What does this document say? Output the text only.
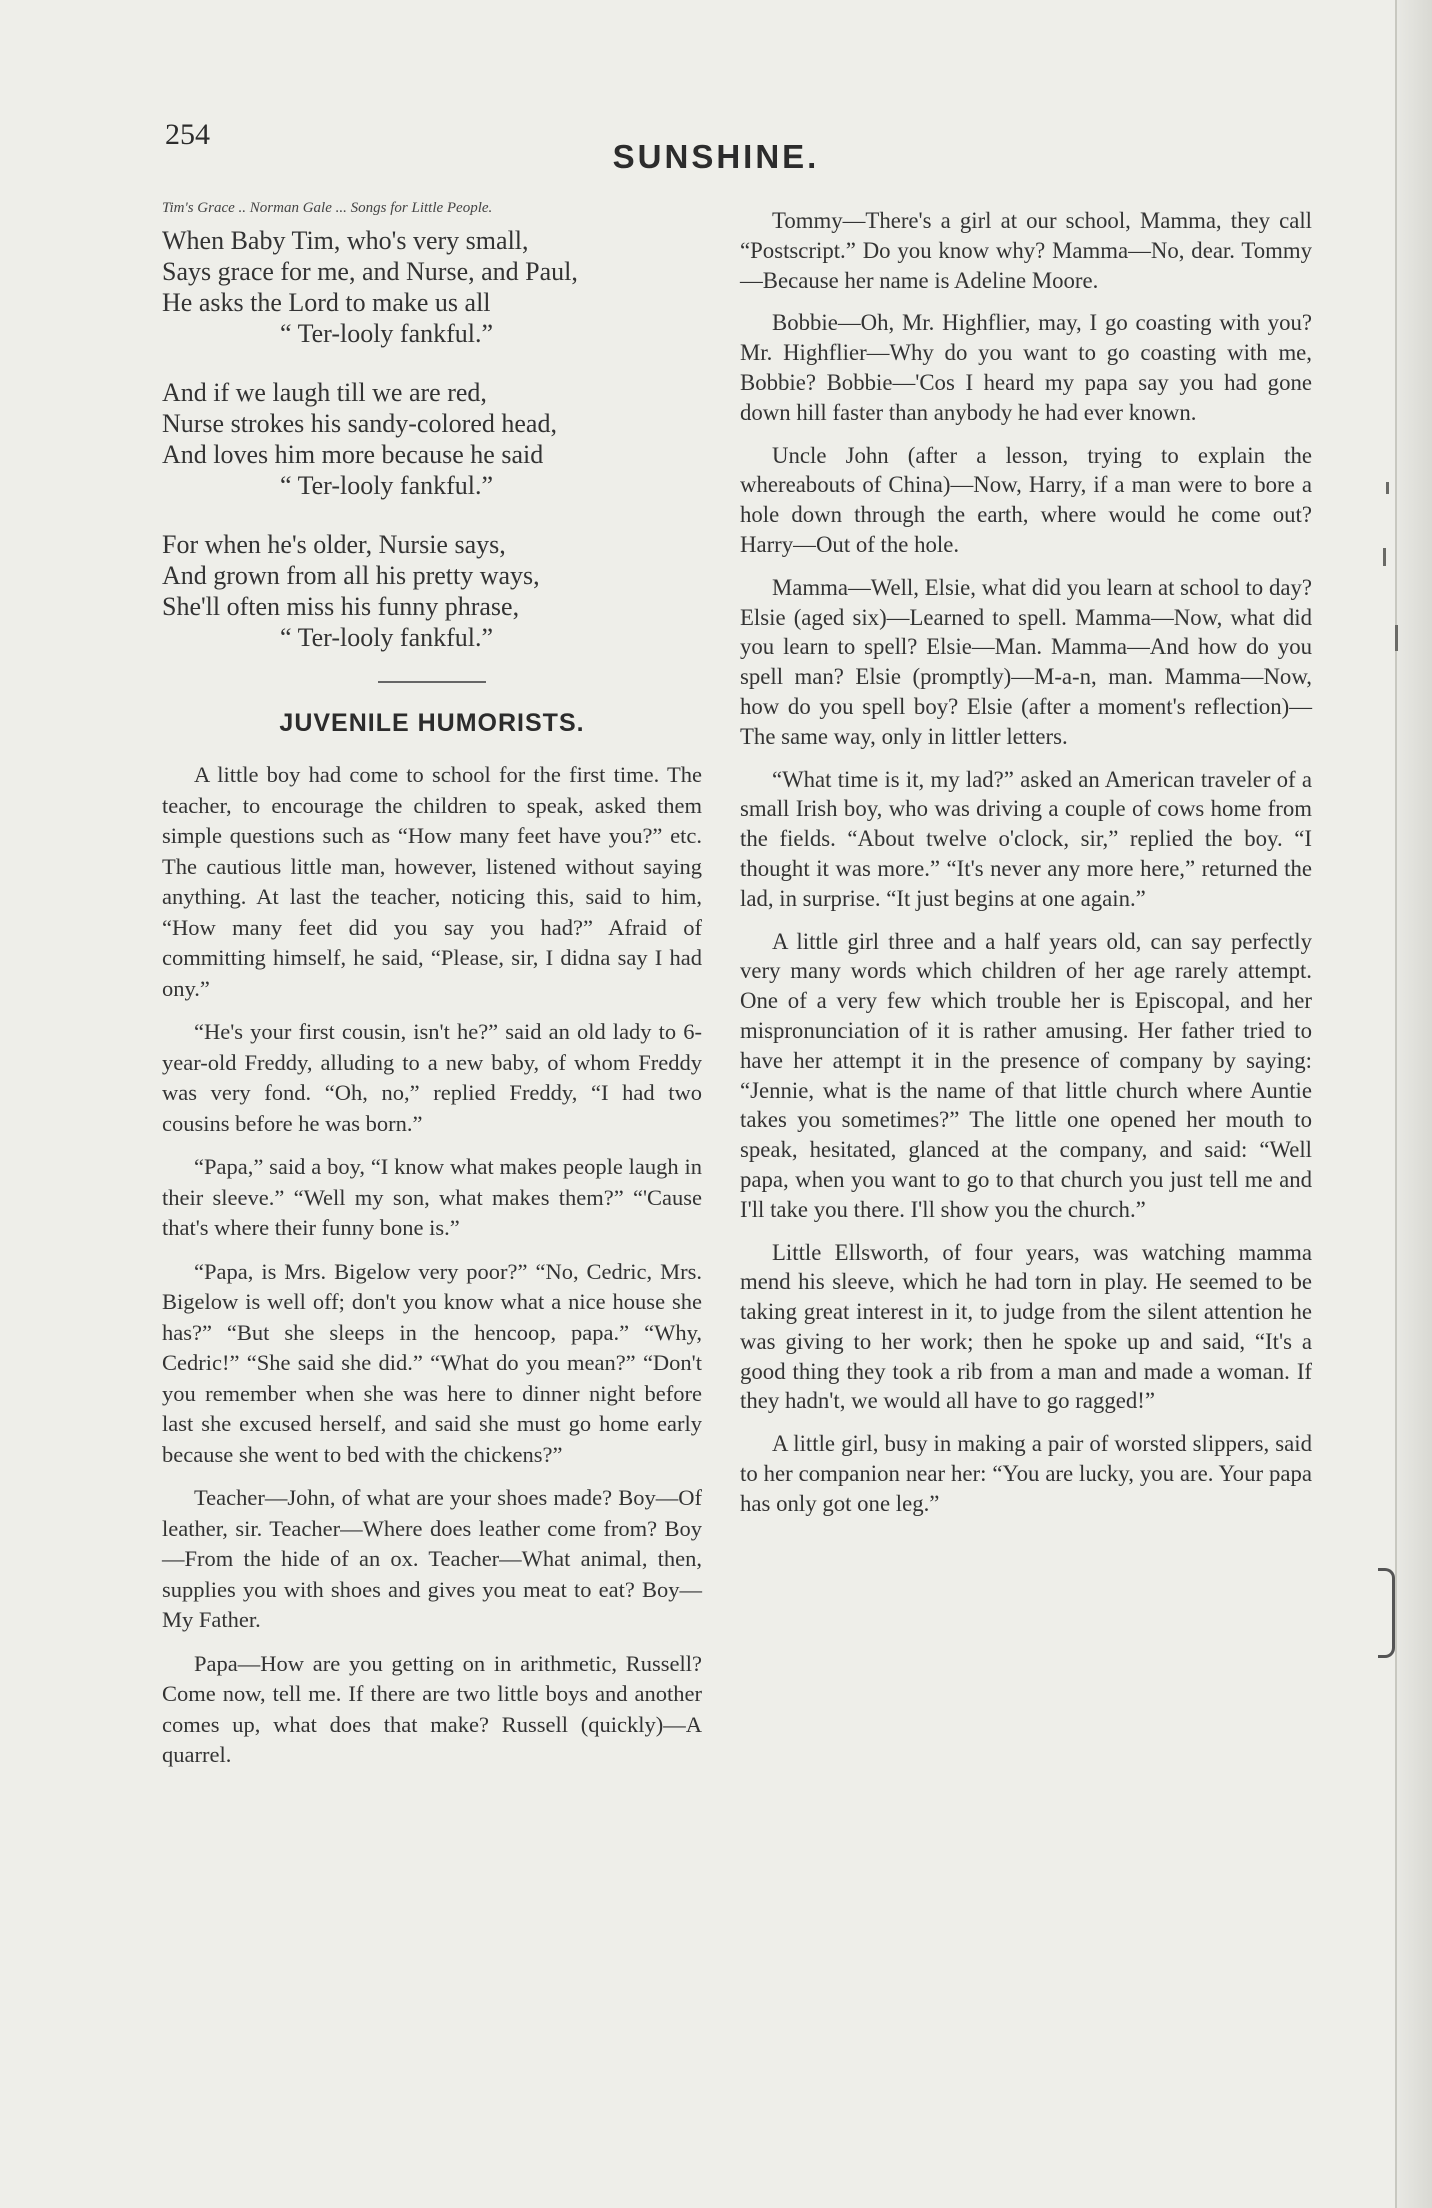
254
SUNSHINE.
Tim's Grace .. Norman Gale ... Songs for Little People.
When Baby Tim, who's very small,
Says grace for me, and Nurse, and Paul,
He asks the Lord to make us all
“ Ter-looly fankful.”
And if we laugh till we are red,
Nurse strokes his sandy-colored head,
And loves him more because he said
“ Ter-looly fankful.”
For when he's older, Nursie says,
And grown from all his pretty ways,
She'll often miss his funny phrase,
“ Ter-looly fankful.”
JUVENILE HUMORISTS.

A little boy had come to school for the first time. The teacher, to encourage the children to speak, asked them simple questions such as “How many feet have you?” etc. The cautious little man, however, listened without saying anything. At last the teacher, noticing this, said to him, “How many feet did you say you had?” Afraid of committing himself, he said, “Please, sir, I didna say I had ony.”

“He's your first cousin, isn't he?” said an old lady to 6-year-old Freddy, alluding to a new baby, of whom Freddy was very fond. “Oh, no,” replied Freddy, “I had two cousins before he was born.”

“Papa,” said a boy, “I know what makes people laugh in their sleeve.” “Well my son, what makes them?” “'Cause that's where their funny bone is.”

“Papa, is Mrs. Bigelow very poor?” “No, Cedric, Mrs. Bigelow is well off; don't you know what a nice house she has?” “But she sleeps in the hencoop, papa.” “Why, Cedric!” “She said she did.” “What do you mean?” “Don't you remember when she was here to dinner night before last she excused herself, and said she must go home early because she went to bed with the chickens?”

Teacher—John, of what are your shoes made? Boy—Of leather, sir. Teacher—Where does leather come from? Boy—From the hide of an ox. Teacher—What animal, then, supplies you with shoes and gives you meat to eat? Boy—My Father.

Papa—How are you getting on in arithmetic, Russell? Come now, tell me. If there are two little boys and another comes up, what does that make? Russell (quickly)—A quarrel.

Tommy—There's a girl at our school, Mamma, they call “Postscript.” Do you know why? Mamma—No, dear. Tommy—Because her name is Adeline Moore.

Bobbie—Oh, Mr. Highflier, may, I go coasting with you? Mr. Highflier—Why do you want to go coasting with me, Bobbie? Bobbie—'Cos I heard my papa say you had gone down hill faster than anybody he had ever known.

Uncle John (after a lesson, trying to explain the whereabouts of China)—Now, Harry, if a man were to bore a hole down through the earth, where would he come out? Harry—Out of the hole.

Mamma—Well, Elsie, what did you learn at school to day? Elsie (aged six)—Learned to spell. Mamma—Now, what did you learn to spell? Elsie—Man. Mamma—And how do you spell man? Elsie (promptly)—M-a-n, man. Mamma—Now, how do you spell boy? Elsie (after a moment's reflection)—The same way, only in littler letters.

“What time is it, my lad?” asked an American traveler of a small Irish boy, who was driving a couple of cows home from the fields. “About twelve o'clock, sir,” replied the boy. “I thought it was more.” “It's never any more here,” returned the lad, in surprise. “It just begins at one again.”

A little girl three and a half years old, can say perfectly very many words which children of her age rarely attempt. One of a very few which trouble her is Episcopal, and her mispronunciation of it is rather amusing. Her father tried to have her attempt it in the presence of company by saying: “Jennie, what is the name of that little church where Auntie takes you sometimes?” The little one opened her mouth to speak, hesitated, glanced at the company, and said: “Well papa, when you want to go to that church you just tell me and I'll take you there. I'll show you the church.”

Little Ellsworth, of four years, was watching mamma mend his sleeve, which he had torn in play. He seemed to be taking great interest in it, to judge from the silent attention he was giving to her work; then he spoke up and said, “It's a good thing they took a rib from a man and made a woman. If they hadn't, we would all have to go ragged!”

A little girl, busy in making a pair of worsted slippers, said to her companion near her: “You are lucky, you are. Your papa has only got one leg.”
